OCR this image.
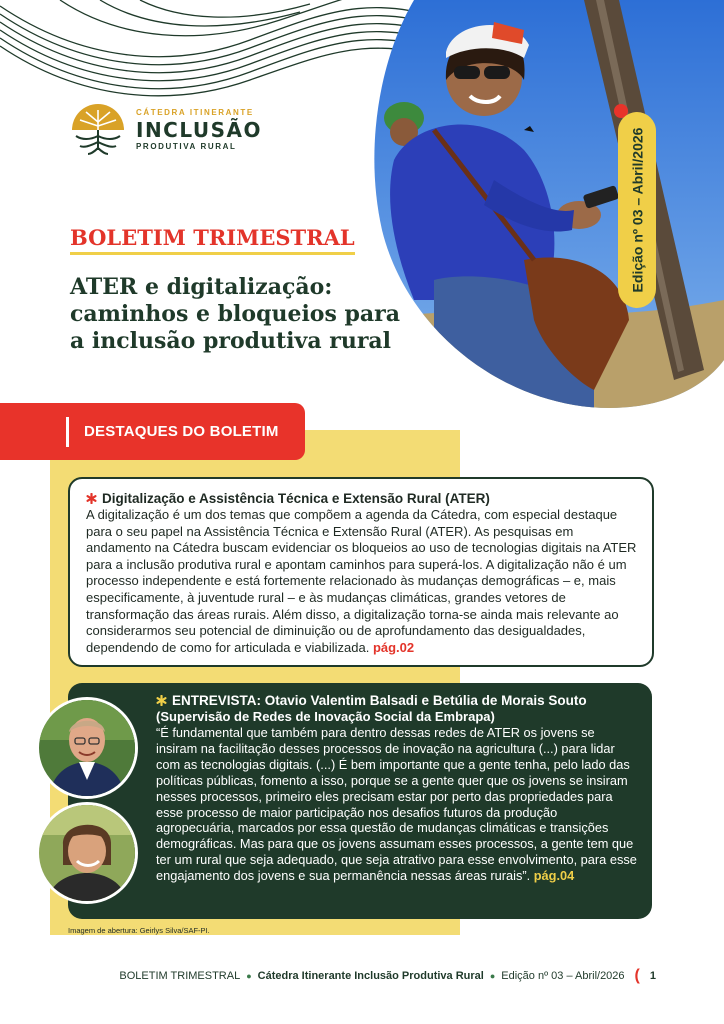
CÁTEDRA ITINERANTE
INCLUSÃO
PRODUTIVA RURAL	Edição nº 03 – Abril/2026
BOLETIM TRIMESTRAL
ATER e digitalização: caminhos e bloqueios para a inclusão produtiva rural
DESTAQUES DO BOLETIM
Digitalização e Assistência Técnica e Extensão Rural (ATER)
A digitalização é um dos temas que compõem a agenda da Cátedra, com especial destaque para o seu papel na Assistência Técnica e Extensão Rural (ATER). As pesquisas em andamento na Cátedra buscam evidenciar os bloqueios ao uso de tecnologias digitais na ATER para a inclusão produtiva rural e apontam caminhos para superá-los. A digitalização não é um processo independente e está fortemente relacionado às mudanças demográficas – e, mais especificamente, à juventude rural – e às mudanças climáticas, grandes vetores de transformação das áreas rurais. Além disso, a digitalização torna-se ainda mais relevante ao considerarmos seu potencial de diminuição ou de aprofundamento das desigualdades, dependendo de como for articulada e viabilizada. pág.02
ENTREVISTA: Otavio Valentim Balsadi e Betúlia de Morais Souto
(Supervisão de Redes de Inovação Social da Embrapa)
“É fundamental que também para dentro dessas redes de ATER os jovens se insiram na facilitação desses processos de inovação na agricultura (...) para lidar com as tecnologias digitais. (...) É bem importante que a gente tenha, pelo lado das políticas públicas, fomento a isso, porque se a gente quer que os jovens se insiram nesses processos, primeiro eles precisam estar por perto das propriedades para esse processo de maior participação nos desafios futuros da produção agropecuária, marcados por essa questão de mudanças climáticas e transições demográficas. Mas para que os jovens assumam esses processos, a gente tem que ter um rural que seja adequado, que seja atrativo para esse envolvimento, para esse engajamento dos jovens e sua permanência nessas áreas rurais”. pág.04
Imagem de abertura: Geirlys Silva/SAF-PI.
BOLETIM TRIMESTRAL ● Cátedra Itinerante Inclusão Produtiva Rural ● Edição nº 03 – Abril/2026 ( 1
